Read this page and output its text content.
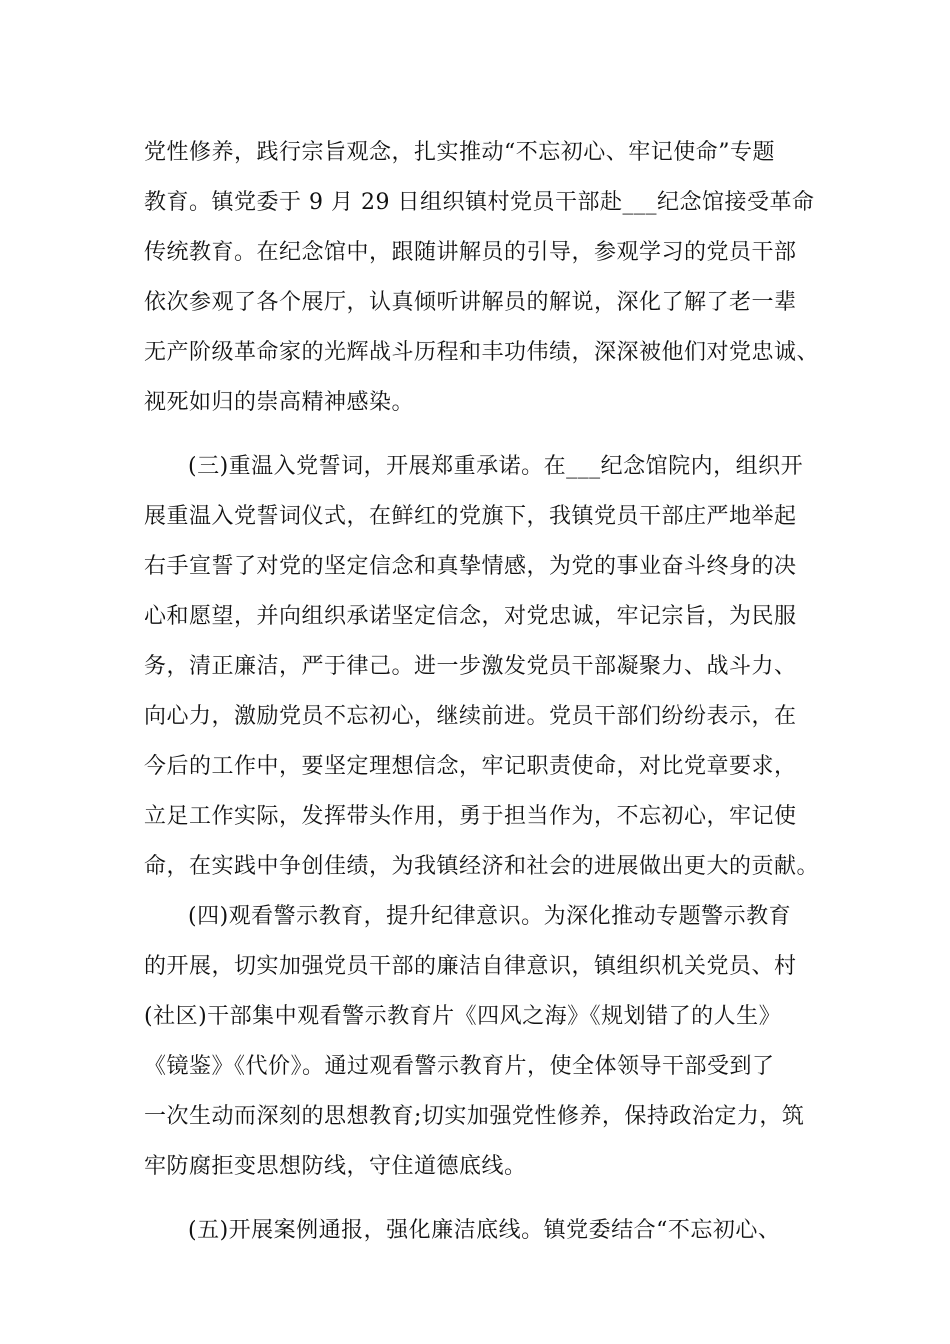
党性修养，践行宗旨观念，扎实推动“不忘初心、牢记使命”专题
教育。镇党委于 9 月 29 日组织镇村党员干部赴___纪念馆接受革命
传统教育。在纪念馆中，跟随讲解员的引导，参观学习的党员干部
依次参观了各个展厅，认真倾听讲解员的解说，深化了解了老一辈
无产阶级革命家的光辉战斗历程和丰功伟绩，深深被他们对党忠诚、
视死如归的崇高精神感染。
(三)重温入党誓词，开展郑重承诺。在___纪念馆院内，组织开
展重温入党誓词仪式，在鲜红的党旗下，我镇党员干部庄严地举起
右手宣誓了对党的坚定信念和真挚情感，为党的事业奋斗终身的决
心和愿望，并向组织承诺坚定信念，对党忠诚，牢记宗旨，为民服
务，清正廉洁，严于律己。进一步激发党员干部凝聚力、战斗力、
向心力，激励党员不忘初心，继续前进。党员干部们纷纷表示，在
今后的工作中，要坚定理想信念，牢记职责使命，对比党章要求，
立足工作实际，发挥带头作用，勇于担当作为，不忘初心，牢记使
命，在实践中争创佳绩，为我镇经济和社会的进展做出更大的贡献。
(四)观看警示教育，提升纪律意识。为深化推动专题警示教育
的开展，切实加强党员干部的廉洁自律意识，镇组织机关党员、村
(社区)干部集中观看警示教育片《四风之海》《规划错了的人生》
《镜鉴》《代价》。通过观看警示教育片，使全体领导干部受到了
一次生动而深刻的思想教育;切实加强党性修养，保持政治定力，筑
牢防腐拒变思想防线，守住道德底线。
(五)开展案例通报，强化廉洁底线。镇党委结合“不忘初心、
